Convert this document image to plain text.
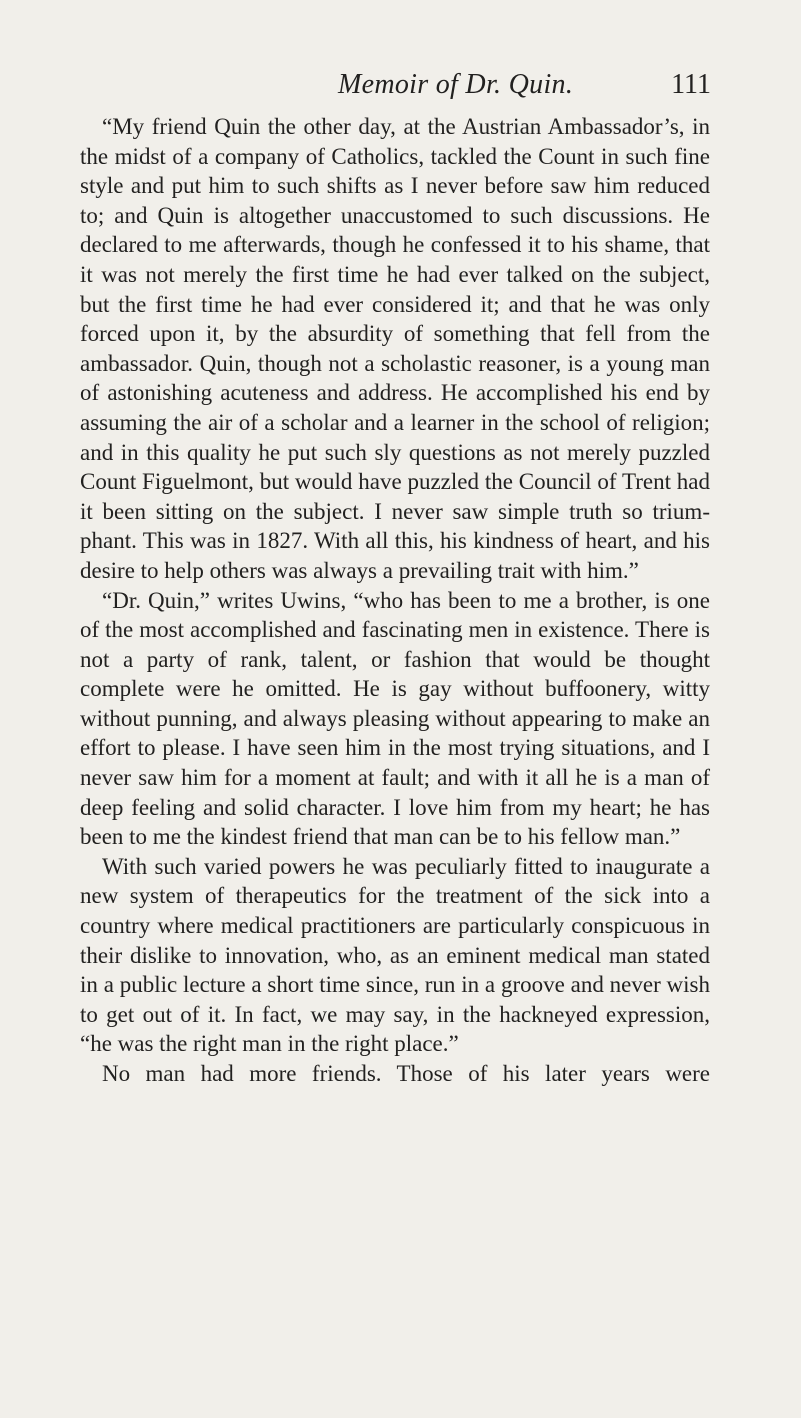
Memoir of Dr. Quin.	111

“My friend Quin the other day, at the Austrian Ambassador’s, in the midst of a company of Catholics, tackled the Count in such fine style and put him to such shifts as I never before saw him reduced to; and Quin is altogether unaccustomed to such discussions. He declared to me afterwards, though he confessed it to his shame, that it was not merely the first time he had ever talked on the subject, but the first time he had ever considered it; and that he was only forced upon it, by the absurdity of something that fell from the ambassador. Quin, though not a scholastic reasoner, is a young man of astonishing acuteness and address. He accomplished his end by assuming the air of a scholar and a learner in the school of religion; and in this quality he put such sly questions as not merely puzzled Count Figuelmont, but would have puzzled the Council of Trent had it been sitting on the subject. I never saw simple truth so triumphant. This was in 1827. With all this, his kindness of heart, and his desire to help others was always a prevailing trait with him.”

“Dr. Quin,” writes Uwins, “who has been to me a brother, is one of the most accomplished and fascinating men in existence. There is not a party of rank, talent, or fashion that would be thought complete were he omitted. He is gay without buffoonery, witty without punning, and always pleasing without appearing to make an effort to please. I have seen him in the most trying situations, and I never saw him for a moment at fault; and with it all he is a man of deep feeling and solid character. I love him from my heart; he has been to me the kindest friend that man can be to his fellow man.”

With such varied powers he was peculiarly fitted to inaugurate a new system of therapeutics for the treatment of the sick into a country where medical practitioners are particularly conspicuous in their dislike to innovation, who, as an eminent medical man stated in a public lecture a short time since, run in a groove and never wish to get out of it. In fact, we may say, in the hackneyed expression, “he was the right man in the right place.”

No man had more friends. Those of his later years were
